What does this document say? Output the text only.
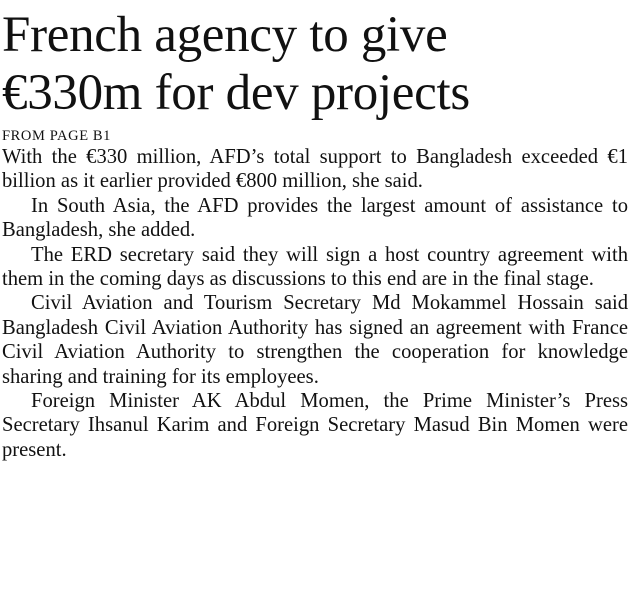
French agency to give
€330m for dev projects
FROM PAGE B1

With the €330 million, AFD’s total support to Bangladesh exceeded €1 billion as it earlier provided €800 million, she said.

In South Asia, the AFD provides the largest amount of assistance to Bangladesh, she added.

The ERD secretary said they will sign a host country agreement with them in the coming days as discussions to this end are in the final stage.

Civil Aviation and Tourism Secretary Md Mokammel Hossain said Bangladesh Civil Aviation Authority has signed an agreement with France Civil Aviation Authority to strengthen the cooperation for knowledge sharing and training for its employees.

Foreign Minister AK Abdul Momen, the Prime Minister’s Press Secretary Ihsanul Karim and Foreign Secretary Masud Bin Momen were present.
